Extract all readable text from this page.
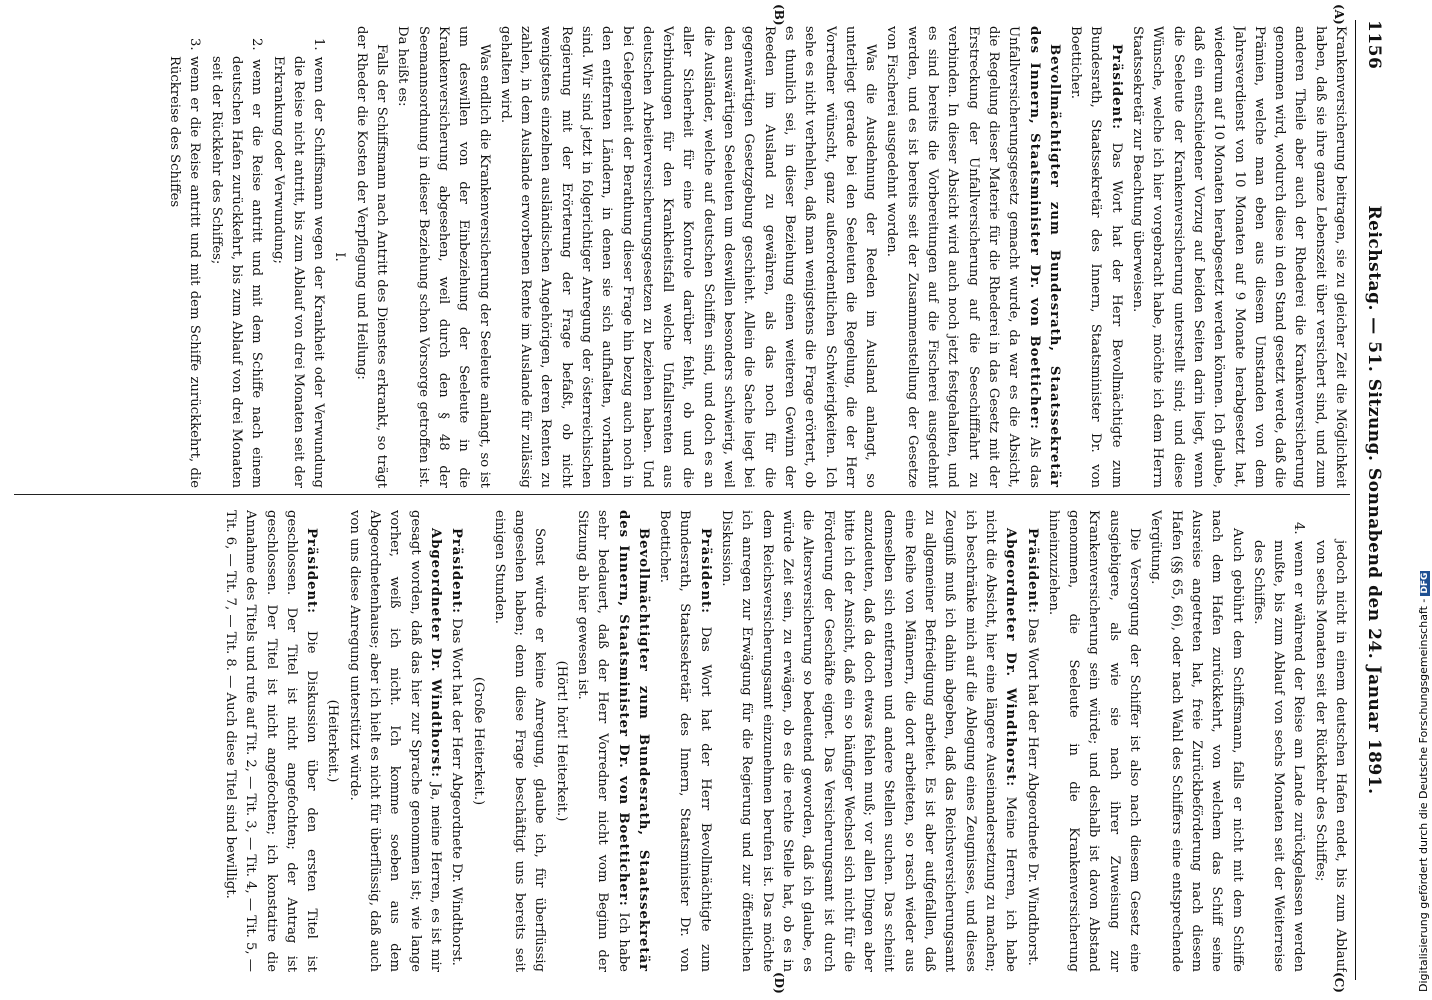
1156
Reichstag. — 51. Sitzung. Sonnabend den 24. Januar 1891.
(A)
(B)
(C)
(D)

Krankenversicherung beitragen, sie zu gleicher Zeit die Möglichkeit haben, daß sie ihre ganze Lebenszeit über versichert sind, und zum anderen Theile aber auch der Rhederei die Krankenversicherung genommen wird, wodurch diese in den Stand gesetzt werde, daß die Prämien, welche man eben aus diesem Umstanden von dem Jahresverdienst von 10 Monaten auf 9 Monate herabgesetzt hat, wiederum auf 10 Monaten herabgesetzt werden können. Ich glaube, daß ein entschiedener Vorzug auf beiden Seiten darin liegt, wenn die Seeleute der Krankenversicherung unterstellt sind; und diese Wünsche, welche ich hier vorgebracht habe, möchte ich dem Herrn Staatssekretär zur Beachtung überweisen.

Präsident: Das Wort hat der Herr Bevollmächtigte zum Bundesrath, Staatssekretär des Innern, Staatsminister Dr. von Boetticher.

Bevollmächtigter zum Bundesrath, Staatssekretär des Innern, Staatsminister Dr. von Boetticher: Als das Unfallversicherungsgesetz gemacht wurde, da war es die Absicht, die Regelung dieser Materie für die Rhederei in das Gesetz mit der Erstreckung der Unfallversicherung auf die Seeschifffahrt zu verbinden. In dieser Absicht wird auch noch jetzt festgehalten, und es sind bereits die Vorbereitungen auf die Fischerei ausgedehnt werden, und es ist bereits seit der Zusammenstellung der Gesetze von Fischerei ausgedehnt worden.

Was die Ausdehnung der Reeden im Ausland anlangt, so unterliegt gerade bei den Seeleuten die Regelung, die der Herr Vorredner wünscht, ganz außerordentlichen Schwierigkeiten. Ich sehe es nicht verhehlen, daß man wenigstens die Frage erörtert, ob es thunlich sei, in dieser Beziehung einen weiteren Gewinn der Reeden im Ausland zu gewähren, als das noch für die gegenwärtigen Gesetzgebung geschieht. Allein die Sache liegt bei den auswärtigen Seeleuten um deswillen besonders schwierig, weil die Ausländer, welche auf deutschen Schiffen sind, und doch es an aller Sicherheit für eine Kontrole darüber fehlt, ob und die Verbindungen für den Krankheitsfall welche Unfallsrenten aus deutschen Arbeiterversicherungsgesetzen zu beziehen haben. Und bei Gelegenheit der Berathung dieser Frage hin bezug auch noch in den entfernten Ländern, in denen sie sich aufhalten, vorhanden sind. Wir sind jetzt in folgerichtiger Anregung der österreichischen Regierung mit der Erörterung der Frage befaßt, ob nicht wenigstens einzelnen ausländischen Angehörigen, deren Renten zu zahlen, in dem Auslande erworbenen Rente im Auslande für zulässig gehalten wird.

Was endlich die Krankenversicherung der Seeleute anlangt, so ist um deswillen von der Einbeziehung der Seeleute in die Krankenversicherung abgesehen, weil durch den § 48 der Seemannsordnung in dieser Beziehung schon Vorsorge getroffen ist. Da heißt es:

Falls der Schiffsmann nach Antritt des Dienstes erkrankt, so trägt der Rheder die Kosten der Verpflegung und Heilung:

I.

1. wenn der Schiffsmann wegen der Krankheit oder Verwundung die Reise nicht antritt, bis zum Ablauf von drei Monaten seit der Erkrankung oder Verwundung;

2. wenn er die Reise antritt und mit dem Schiffe nach einem deutschen Hafen zurückkehrt, bis zum Ablauf von drei Monaten seit der Rückkehr des Schiffes;

3. wenn er die Reise antritt und mit dem Schiffe zurückkehrt, die Rückreise des Schiffes

jedoch nicht in einem deutschen Hafen endet, bis zum Ablauf von sechs Monaten seit der Rückkehr des Schiffes;

4. wenn er während der Reise am Lande zurückgelassen werden mußte, bis zum Ablauf von sechs Monaten seit der Weiterreise des Schiffes.

Auch gebührt dem Schiffsmann, falls er nicht mit dem Schiffe nach dem Hafen zurückkehrt, von welchem das Schiff seine Ausreise angetreten hat, freie Zurückbeförderung nach diesem Hafen (§§ 65, 66), oder nach Wahl des Schiffers eine entsprechende Vergütung.

Die Versorgung der Schiffer ist also nach diesem Gesetz eine ausgiebigere, als wie sie nach ihrer Zuweisung zur Krankenversicherung sein würde; und deshalb ist davon Abstand genommen, die Seeleute in die Krankenversicherung hineinzuziehen.

Präsident: Das Wort hat der Herr Abgeordnete Dr. Windthorst.

Abgeordneter Dr. Windthorst: Meine Herren, ich habe nicht die Absicht, hier eine längere Auseinandersetzung zu machen; ich beschränke mich auf die Ablegung eines Zeugnisses, und dieses Zeugniß muß ich dahin abgeben, daß das Reichsversicherungsamt zu allgemeiner Befriedigung arbeitet. Es ist aber aufgefallen, daß eine Reihe von Männern, die dort arbeiteten, so rasch wieder aus demselben sich entfernen und andere Stellen suchen. Das scheint anzudeuten, daß da doch etwas fehlen muß; vor allen Dingen aber bitte ich der Ansicht, daß ein so häufiger Wechsel sich nicht für die Förderung der Geschäfte eignet. Das Versicherungsamt ist durch die Altersversicherung so bedeutend geworden, daß ich glaube, es würde Zeit sein, zu erwägen, ob es die rechte Stelle hat, ob es in dem Reichsversicherungsamt einzunehmen berufen ist. Das möchte ich anregen zur Erwägung für die Regierung und zur öffentlichen Diskussion.

Präsident: Das Wort hat der Herr Bevollmächtigte zum Bundesrath, Staatssekretär des Innern, Staatsminister Dr. von Boetticher.

Bevollmächtigter zum Bundesrath, Staatssekretär des Innern, Staatsminister Dr. von Boetticher: Ich habe sehr bedauert, daß der Herr Vorredner nicht vom Beginn der Sitzung ab hier gewesen ist.

(Hört! hört! Heiterkeit.)

Sonst würde er keine Anregung, glaube ich, für überflüssig angesehen haben; denn diese Frage beschäftigt uns bereits seit einigen Stunden.

(Große Heiterkeit.)

Präsident: Das Wort hat der Herr Abgeordnete Dr. Windthorst.

Abgeordneter Dr. Windthorst: Ja, meine Herren, es ist mir gesagt worden, daß das hier zur Sprache genommen ist; wie lange vorher, weiß ich nicht. Ich komme soeben aus dem Abgeordnetenhause; aber ich hielt es nicht für überflüssig, daß auch von uns diese Anregung unterstützt würde.

(Heiterkeit.)

Präsident: Die Diskussion über den ersten Titel ist geschlossen. Der Titel ist nicht angefochten; der Antrag ist geschlossen. Der Titel ist nicht angefochten; ich konstatire die Annahme des Titels und rufe auf Tit. 2, — Tit. 3, — Tit. 4, — Tit. 5, — Tit. 6, — Tit. 7, — Tit. 8. — Auch diese Titel sind bewilligt.	Digitalisierung gefördert durch die Deutsche Forschungsgemeinschaft -DFG
